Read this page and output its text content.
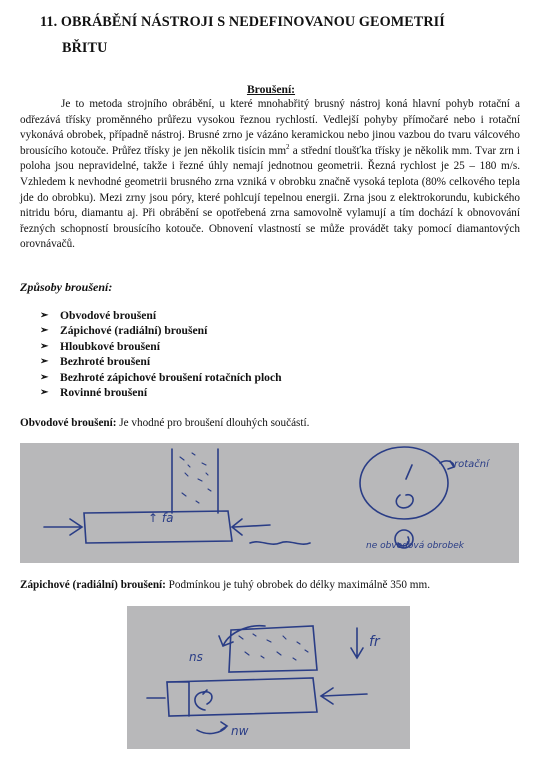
11. OBRÁBĚNÍ NÁSTROJI S NEDEFINOVANOU GEOMETRIÍ
BŘITU
Broušení:

Je to metoda strojního obrábění, u které mnohabřitý brusný nástroj koná hlavní pohyb rotační a odřezává třísky proměnného průřezu vysokou řeznou rychlostí. Vedlejší pohyby přímočaré nebo i rotační vykonává obrobek, případně nástroj. Brusné zrno je vázáno keramickou nebo jinou vazbou do tvaru válcového brousícího kotouče. Průřez třísky je jen několik tisícin $mm^2$ a střední tloušťka třísky je několik mm. Tvar zrn i poloha jsou nepravidelné, takže i řezné úhly nemají jednotnou geometrii. Řezná rychlost je 25 – 180 m/s. Vzhledem k nevhodné geometrii brusného zrna vzniká v obrobku značně vysoká teplota (80% celkového tepla jde do obrobku). Mezi zrny jsou póry, které pohlcují tepelnou energii. Zrna jsou z elektrokorundu, kubického nitridu bóru, diamantu aj. Při obrábění se opotřebená zrna samovolně vylamují a tím dochází k obnovování řezných schopností brousícího kotouče. Obnovení vlastností se může provádět taky pomocí diamantových orovnávačů.

Způsoby broušení:
➢	Obvodové broušení
➢	Zápichové (radiální) broušení
➢	Hloubkové broušení
➢	Bezhroté broušení
➢	Bezhroté zápichové broušení rotačních ploch
➢	Rovinné broušení
Obvodové broušení: Je vhodné pro broušení dlouhých součástí.
↑ fa
rotační
ne obvodová obrobek
Zápichové (radiální) broušení: Podmínkou je tuhý obrobek do délky maximálně 350 mm.
ns
fr
nw
